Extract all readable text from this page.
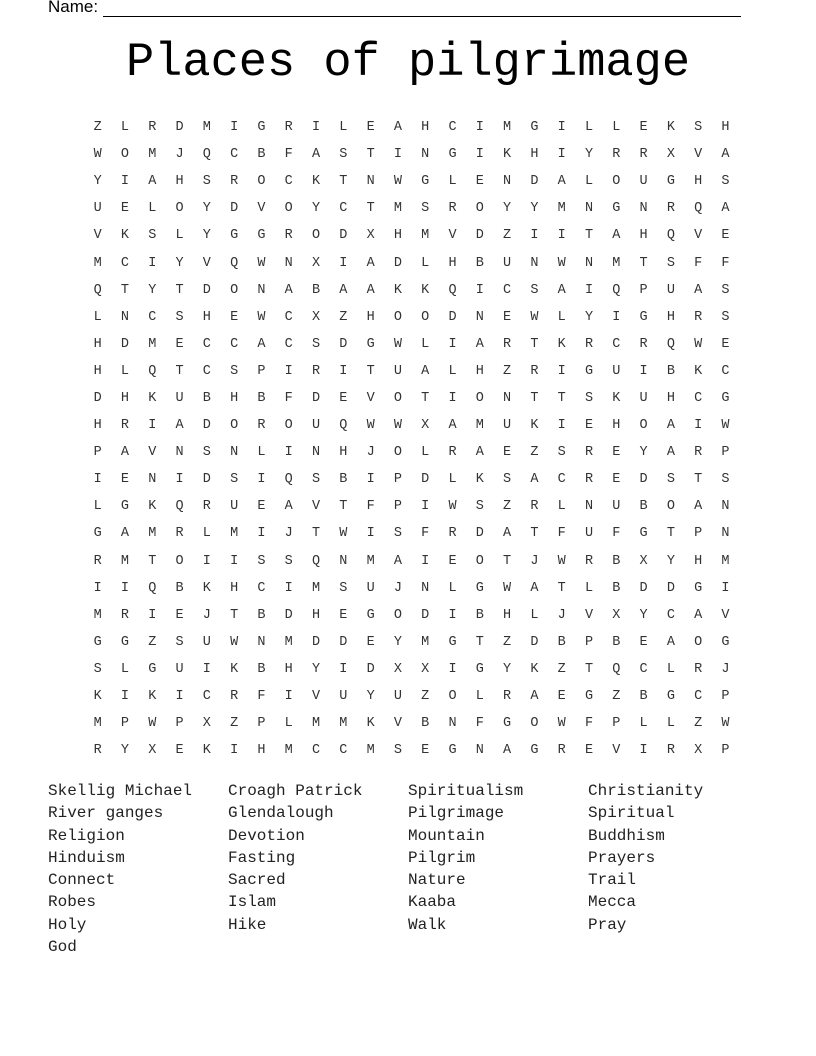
Name:
Places of pilgrimage
Z	L	R	D	M	I	G	R	I	L	E	A	H	C	I	M	G	I	L	L	E	K	S	H
W	O	M	J	Q	C	B	F	A	S	T	I	N	G	I	K	H	I	Y	R	R	X	V	A
Y	I	A	H	S	R	O	C	K	T	N	W	G	L	E	N	D	A	L	O	U	G	H	S
U	E	L	O	Y	D	V	O	Y	C	T	M	S	R	O	Y	Y	M	N	G	N	R	Q	A
V	K	S	L	Y	G	G	R	O	D	X	H	M	V	D	Z	I	I	T	A	H	Q	V	E
M	C	I	Y	V	Q	W	N	X	I	A	D	L	H	B	U	N	W	N	M	T	S	F	F
Q	T	Y	T	D	O	N	A	B	A	A	K	K	Q	I	C	S	A	I	Q	P	U	A	S
L	N	C	S	H	E	W	C	X	Z	H	O	O	D	N	E	W	L	Y	I	G	H	R	S
H	D	M	E	C	C	A	C	S	D	G	W	L	I	A	R	T	K	R	C	R	Q	W	E
H	L	Q	T	C	S	P	I	R	I	T	U	A	L	H	Z	R	I	G	U	I	B	K	C
D	H	K	U	B	H	B	F	D	E	V	O	T	I	O	N	T	T	S	K	U	H	C	G
H	R	I	A	D	O	R	O	U	Q	W	W	X	A	M	U	K	I	E	H	O	A	I	W
P	A	V	N	S	N	L	I	N	H	J	O	L	R	A	E	Z	S	R	E	Y	A	R	P
I	E	N	I	D	S	I	Q	S	B	I	P	D	L	K	S	A	C	R	E	D	S	T	S
L	G	K	Q	R	U	E	A	V	T	F	P	I	W	S	Z	R	L	N	U	B	O	A	N
G	A	M	R	L	M	I	J	T	W	I	S	F	R	D	A	T	F	U	F	G	T	P	N
R	M	T	O	I	I	S	S	Q	N	M	A	I	E	O	T	J	W	R	B	X	Y	H	M
I	I	Q	B	K	H	C	I	M	S	U	J	N	L	G	W	A	T	L	B	D	D	G	I
M	R	I	E	J	T	B	D	H	E	G	O	D	I	B	H	L	J	V	X	Y	C	A	V
G	G	Z	S	U	W	N	M	D	D	E	Y	M	G	T	Z	D	B	P	B	E	A	O	G
S	L	G	U	I	K	B	H	Y	I	D	X	X	I	G	Y	K	Z	T	Q	C	L	R	J
K	I	K	I	C	R	F	I	V	U	Y	U	Z	O	L	R	A	E	G	Z	B	G	C	P
M	P	W	P	X	Z	P	L	M	M	K	V	B	N	F	G	O	W	F	P	L	L	Z	W
R	Y	X	E	K	I	H	M	C	C	M	S	E	G	N	A	G	R	E	V	I	R	X	P
Skellig Michael	Croagh Patrick	Spiritualism	Christianity
River ganges	Glendalough	Pilgrimage	Spiritual
Religion	Devotion	Mountain	Buddhism
Hinduism	Fasting	Pilgrim	Prayers
Connect	Sacred	Nature	Trail
Robes	Islam	Kaaba	Mecca
Holy	Hike	Walk	Pray
God
